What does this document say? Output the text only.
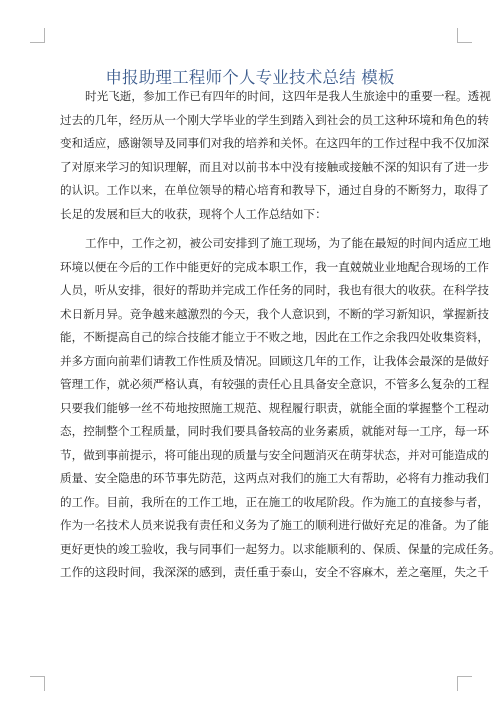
申报助理工程师个人专业技术总结 模板
时光飞逝，参加工作已有四年的时间，这四年是我人生旅途中的重要一程。透视
过去的几年，经历从一个刚大学毕业的学生到踏入到社会的员工这种环境和角色的转
变和适应，感谢领导及同事们对我的培养和关怀。在这四年的工作过程中我不仅加深
了对原来学习的知识理解，而且对以前书本中没有接触或接触不深的知识有了进一步
的认识。工作以来，在单位领导的精心培育和教导下，通过自身的不断努力，取得了
长足的发展和巨大的收获，现将个人工作总结如下：
工作中，工作之初，被公司安排到了施工现场，为了能在最短的时间内适应工地
环境以便在今后的工作中能更好的完成本职工作，我一直兢兢业业地配合现场的工作
人员，听从安排，很好的帮助并完成工作任务的同时，我也有很大的收获。在科学技
术日新月异。竞争越来越激烈的今天，我个人意识到，不断的学习新知识，掌握新技
能，不断提高自己的综合技能才能立于不败之地，因此在工作之余我四处收集资料，
并多方面向前辈们请教工作性质及情况。回顾这几年的工作，让我体会最深的是做好
管理工作，就必须严格认真，有较强的责任心且具备安全意识，不管多么复杂的工程
只要我们能够一丝不苟地按照施工规范、规程履行职责，就能全面的掌握整个工程动
态，控制整个工程质量，同时我们要具备较高的业务素质，就能对每一工序，每一环
节，做到事前提示，将可能出现的质量与安全问题消灭在萌芽状态，并对可能造成的
质量、安全隐患的环节事先防范，这两点对我们的施工大有帮助，必将有力推动我们
的工作。目前，我所在的工作工地，正在施工的收尾阶段。作为施工的直接参与者，
作为一名技术人员来说我有责任和义务为了施工的顺利进行做好充足的准备。为了能
更好更快的竣工验收，我与同事们一起努力。以求能顺利的、保质、保量的完成任务。
工作的这段时间，我深深的感到，责任重于泰山，安全不容麻木，差之毫厘，失之千
